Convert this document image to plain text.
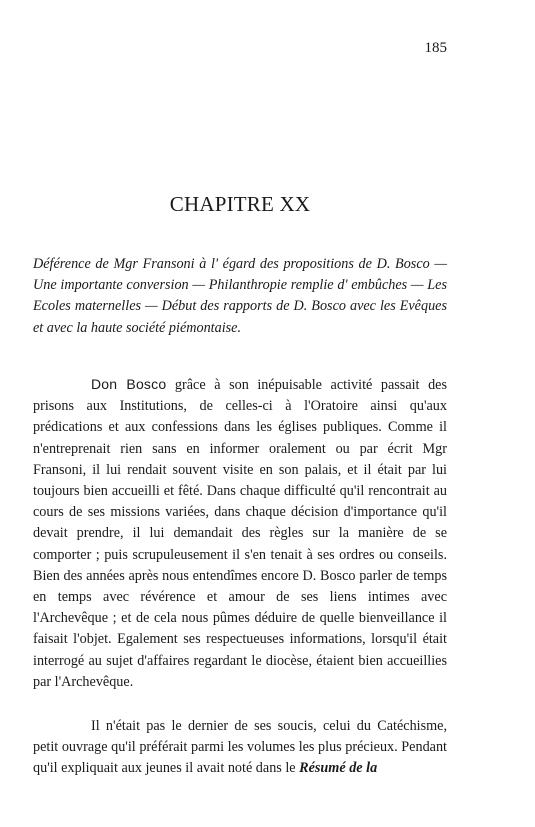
185
CHAPITRE XX
Déférence de Mgr Fransoni à l' égard des propositions de D. Bosco — Une importante conversion — Philanthropie remplie d' embûches — Les Ecoles maternelles — Début des rapports de D. Bosco avec les Evêques et avec la haute société piémontaise.

Don Bosco grâce à son inépuisable activité passait des prisons aux Institutions, de celles-ci à l'Oratoire ainsi qu'aux prédications et aux confessions dans les églises publiques. Comme il n'entreprenait rien sans en informer oralement ou par écrit Mgr Fransoni, il lui rendait souvent visite en son palais, et il était par lui toujours bien accueilli et fêté. Dans chaque difficulté qu'il rencontrait au cours de ses missions variées, dans chaque décision d'importance qu'il devait prendre, il lui demandait des règles sur la manière de se comporter ; puis scrupuleusement il s'en tenait à ses ordres ou conseils. Bien des années après nous entendîmes encore D. Bosco parler de temps en temps avec révérence et amour de ses liens intimes avec l'Archevêque ; et de cela nous pûmes déduire de quelle bienveillance il faisait l'objet. Egalement ses respectueuses informations, lorsqu'il était interrogé au sujet d'affaires regardant le diocèse, étaient bien accueillies par l'Archevêque.

Il n'était pas le dernier de ses soucis, celui du Catéchisme, petit ouvrage qu'il préférait parmi les volumes les plus précieux. Pendant qu'il expliquait aux jeunes il avait noté dans le Résumé de la
